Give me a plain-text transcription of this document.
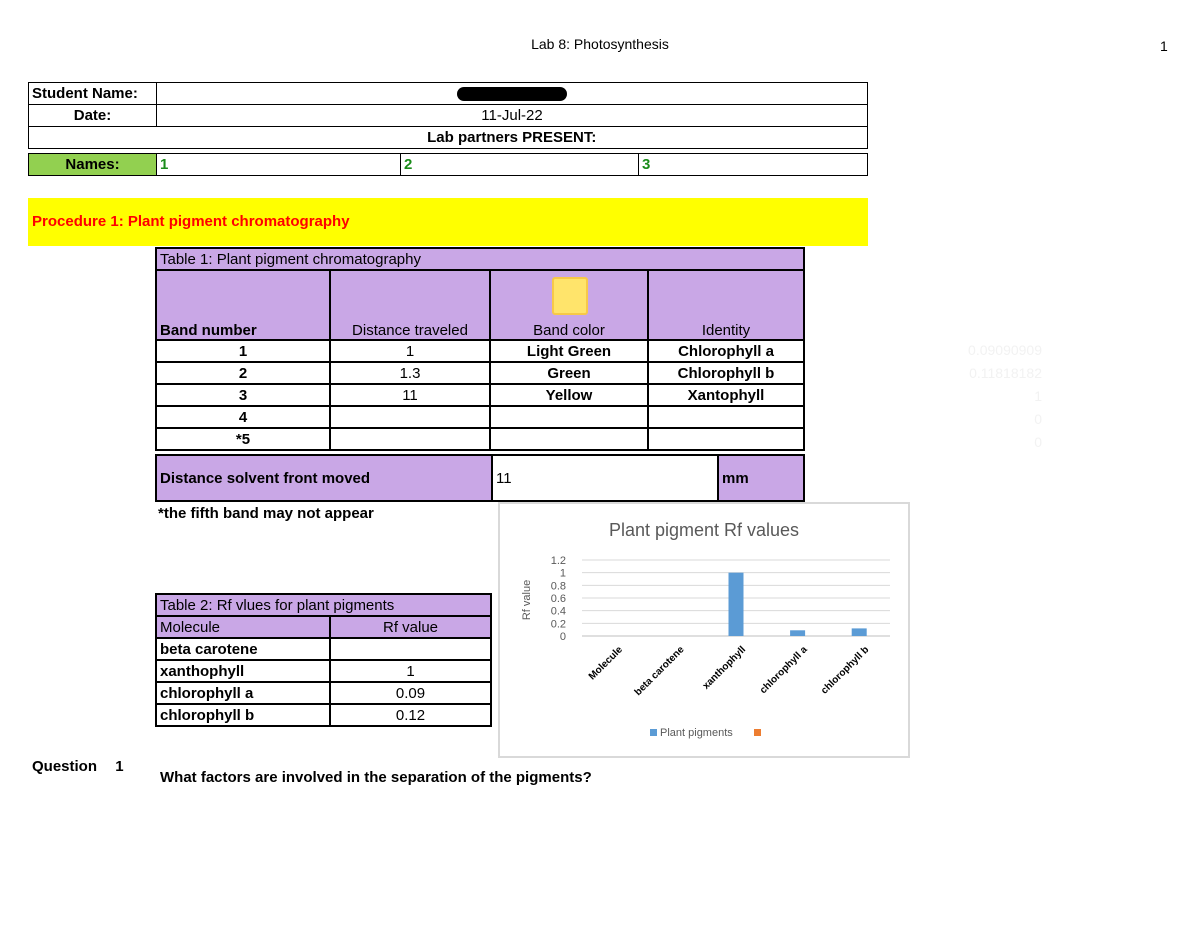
Lab 8: Photosynthesis	1
Student Name:	
Date:	11-Jul-22
	Lab partners PRESENT:
Names:	1	2	3
Procedure 1: Plant pigment chromatography
Table 1: Plant pigment chromatography			
Band number	Distance traveled	Band color	Identity
1	1	Light Green	Chlorophyll a
2	1.3	Green	Chlorophyll b
3	11	Yellow	Xantophyll
4			
*5			
Distance solvent front moved	11	mm
*the fifth band may not appear
0.09090909
0.11818182
1
0
0
Table 2: Rf vlues for plant pigments	
Molecule	Rf value
beta carotene	
xanthophyll	1
chlorophyll a	0.09
chlorophyll b	0.12
Plant pigment Rf values
Rf value
0
0.2
0.4
0.6
0.8
1
1.2
Molecule beta carotene xanthophyll chlorophyll a chlorophyll b
Plant pigments
Question 1
What factors are involved in the separation of the pigments?
